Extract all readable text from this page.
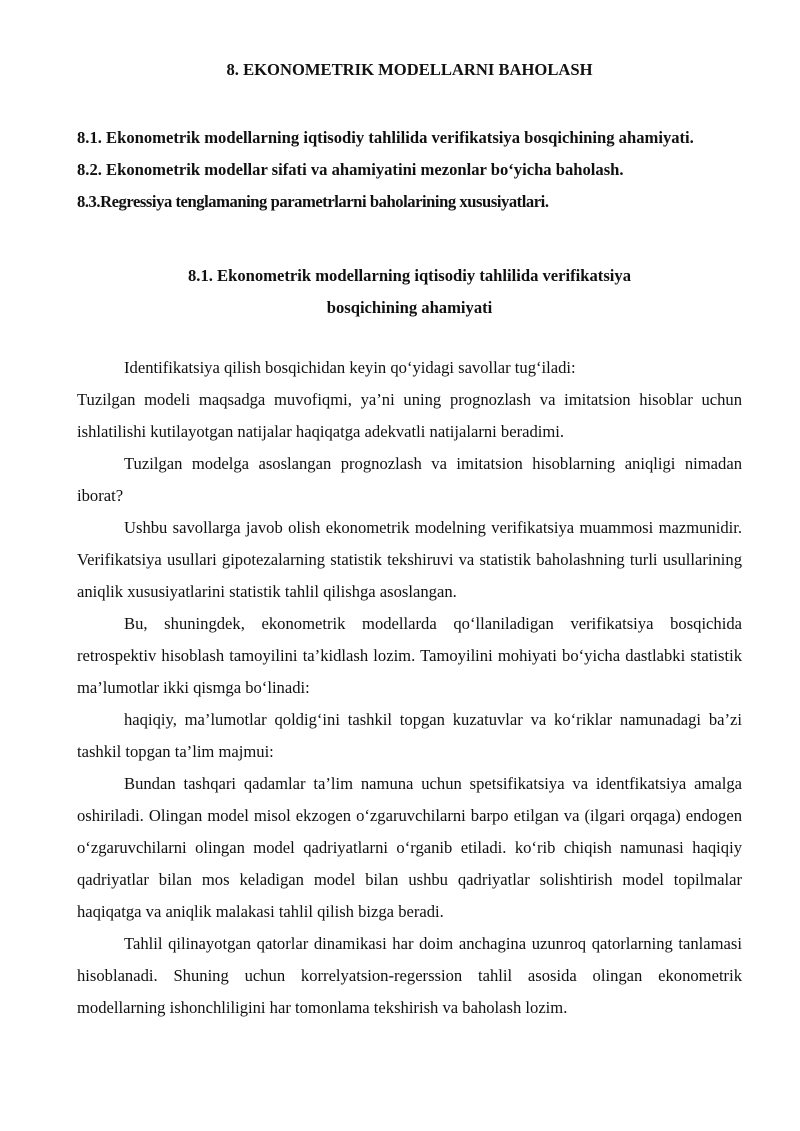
8. EKONOMETRIK MODELLARNI BAHOLASH
8.1. Ekonometrik modellarning iqtisodiy tahlilida verifikatsiya bosqichining ahamiyati.
8.2. Ekonometrik modellar sifati va ahamiyatini mezonlar bo‘yicha baholash.
8.3.Regressiya tenglamaning parametrlarni baholarining xususiyatlari.
8.1. Ekonometrik modellarning iqtisodiy tahlilida verifikatsiya
bosqichining ahamiyati

Identifikatsiya qilish bosqichidan keyin qo‘yidagi savollar tug‘iladi:

Tuzilgan modeli maqsadga muvofiqmi, ya’ni uning prognozlash va imitatsion hisoblar uchun ishlatilishi kutilayotgan natijalar haqiqatga adekvatli natijalarni beradimi.

Tuzilgan modelga asoslangan prognozlash va imitatsion hisoblarning aniqligi nimadan iborat?

Ushbu savollarga javob olish ekonometrik modelning verifikatsiya muammosi mazmunidir. Verifikatsiya usullari gipotezalarning statistik tekshiruvi va statistik baholashning turli usullarining aniqlik xususiyatlarini statistik tahlil qilishga asoslangan.

Bu, shuningdek, ekonometrik modellarda qo‘llaniladigan verifikatsiya bosqichida retrospektiv hisoblash tamoyilini ta’kidlash lozim. Tamoyilini mohiyati bo‘yicha dastlabki statistik ma’lumotlar ikki qismga bo‘linadi:

haqiqiy, ma’lumotlar qoldig‘ini tashkil topgan kuzatuvlar va ko‘riklar namunadagi ba’zi tashkil topgan ta’lim majmui:

Bundan tashqari qadamlar ta’lim namuna uchun spetsifikatsiya va identfikatsiya amalga oshiriladi. Olingan model misol ekzogen o‘zgaruvchilarni barpo etilgan va (ilgari orqaga) endogen o‘zgaruvchilarni olingan model qadriyatlarni o‘rganib etiladi. ko‘rib chiqish namunasi haqiqiy qadriyatlar bilan mos keladigan model bilan ushbu qadriyatlar solishtirish model topilmalar haqiqatga va aniqlik malakasi tahlil qilish bizga beradi.

Tahlil qilinayotgan qatorlar dinamikasi har doim anchagina uzunroq qatorlarning tanlamasi hisoblanadi. Shuning uchun korrelyatsion-regerssion tahlil asosida olingan ekonometrik modellarning ishonchliligini har tomonlama tekshirish va baholash lozim.
